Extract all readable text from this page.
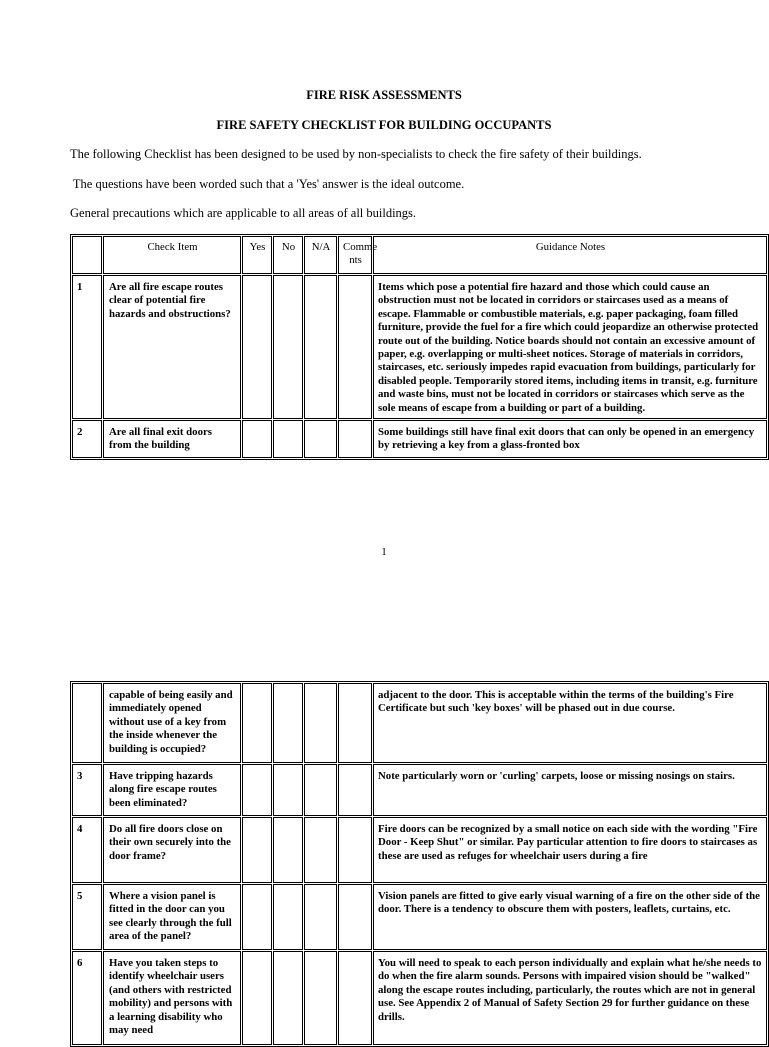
FIRE RISK ASSESSMENTS
FIRE SAFETY CHECKLIST FOR BUILDING OCCUPANTS
The following Checklist has been designed to be used by non-specialists to check the fire safety of their buildings.
The questions have been worded such that a 'Yes' answer is the ideal outcome.
General precautions which are applicable to all areas of all buildings.
	Check Item	Yes	No	N/A	Comme nts	Guidance Notes
1	Are all fire escape routes clear of potential fire hazards and obstructions?					Items which pose a potential fire hazard and those which could cause an obstruction must not be located in corridors or staircases used as a means of escape. Flammable or combustible materials, e.g. paper packaging, foam filled furniture, provide the fuel for a fire which could jeopardize an otherwise protected route out of the building. Notice boards should not contain an excessive amount of paper, e.g. overlapping or multi-sheet notices. Storage of materials in corridors, staircases, etc. seriously impedes rapid evacuation from buildings, particularly for disabled people. Temporarily stored items, including items in transit, e.g. furniture and waste bins, must not be located in corridors or staircases which serve as the sole means of escape from a building or part of a building.
2	Are all final exit doors from the building					Some buildings still have final exit doors that can only be opened in an emergency by retrieving a key from a glass-fronted box
1
	capable of being easily and immediately opened without use of a key from the inside whenever the building is occupied?					adjacent to the door. This is acceptable within the terms of the building's Fire Certificate but such 'key boxes' will be phased out in due course.
3	Have tripping hazards along fire escape routes been eliminated?					Note particularly worn or 'curling' carpets, loose or missing nosings on stairs.
4	Do all fire doors close on their own securely into the door frame?					Fire doors can be recognized by a small notice on each side with the wording "Fire Door - Keep Shut" or similar. Pay particular attention to fire doors to staircases as these are used as refuges for wheelchair users during a fire
5	Where a vision panel is fitted in the door can you see clearly through the full area of the panel?					Vision panels are fitted to give early visual warning of a fire on the other side of the door. There is a tendency to obscure them with posters, leaflets, curtains, etc.
6	Have you taken steps to identify wheelchair users (and others with restricted mobility) and persons with a learning disability who may need					You will need to speak to each person individually and explain what he/she needs to do when the fire alarm sounds. Persons with impaired vision should be "walked" along the escape routes including, particularly, the routes which are not in general use. See Appendix 2 of Manual of Safety Section 29 for further guidance on these drills.
